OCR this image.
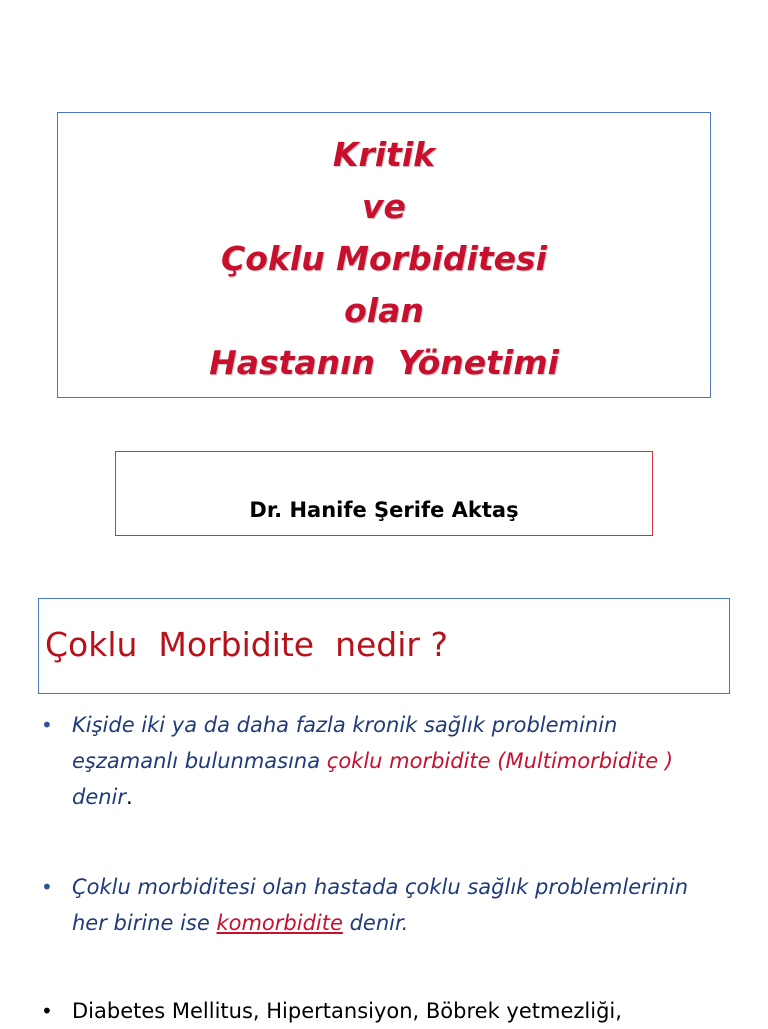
Kritik
ve
Çoklu Morbiditesi
olan
Hastanın  Yönetimi
Dr. Hanife Şerife Aktaş
Çoklu  Morbidite  nedir ?
• Kişide iki ya da daha fazla kronik sağlık probleminin eşzamanlı bulunmasına çoklu morbidite (Multimorbidite ) denir.
• Çoklu morbiditesi olan hastada çoklu sağlık problemlerinin her birine ise komorbidite denir.
• Diabetes Mellitus, Hipertansiyon, Böbrek yetmezliği,
